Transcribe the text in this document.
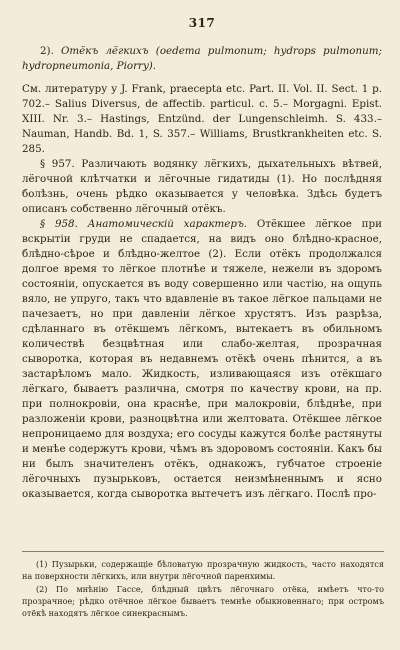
317

2). Отёкъ лёгкихъ (oedema pulmonum; hydrops pulmonum; hydropneumonia, Piorry).

См. литературу у J. Frank, praecepta etc. Part. II. Vol. II. Sect. 1 p. 702.– Salius Diversus, de affectib. particul. c. 5.– Morgagni. Epist. XIII. Nr. 3.– Hastings, Entzünd. der Lungenschleimh. S. 433.– Nauman, Handb. Bd. 1, S. 357.– Williams, Brustkrankheiten etc. S. 285.

§ 957. Различають водянку лёгкихъ, дыхательныхъ вѣтвей, лёгочной клѣтчатки и лёгочные гидатиды (1). Но послѣдняя болѣзнь, очень рѣдко оказывается у человѣка. Здѣсь будетъ описанъ собственно лёгочный отёкъ.

§ 958. Анатомическій характеръ. Отёкшее лёгкое при вскрытіи груди не спадается, на видъ оно блѣдно-красное, блѣдно-сѣрое и блѣдно-желтое (2). Если отёкъ продолжался долгое время то лёгкое плотнѣе и тяжеле, нежели въ здоромъ состояніи, опускается въ воду совершенно или частію, на ощупь вяло, не упруго, такъ что вдавленіе въ такое лёгкое пальцами не пачезаетъ, но при давленіи лёгкое хрустятъ. Изъ разрѣза, сдѣланнаго въ отёкшемъ лёгкомъ, вытекаетъ въ обильномъ количествѣ безцвѣтная или слабо-желтая, прозрачная сыворотка, которая въ недавнемъ отёкѣ очень пѣнится, а въ застарѣломъ мало. Жидкость, изливающаяся изъ отёкшаго лёгкаго, бываетъ различна, смотря по качеству крови, на пр. при полнокровіи, она краснѣе, при малокровіи, блѣднѣе, при разложеніи крови, разноцвѣтна или желтовата. Отёкшее лёгкое непроницаемо для воздуха; его сосуды кажутся болѣе растянуты и менѣе содержутъ крови, чѣмъ въ здоровомъ состояніи. Какъ бы ни былъ значителенъ отёкъ, однакожъ, губчатое строеніе лёгочныхъ пузырьковъ, остается неизмѣненнымъ и ясно оказывается, когда сыворотка вытечетъ изъ лёгкаго. Послѣ про-

(1) Пузырьки, содержащіе бѣловатую прозрачную жидкость, часто находятся на поверхности лёгкихъ, или внутри лёгочной паренхимы.

(2) По мнѣнію Гассе, блѣдный цвѣтъ лёгочнаго отёка, имѣетъ что-то прозрачное; рѣдко отёчное лёгкое бываетъ темнѣе обыкновеннаго; при остромъ отёкѣ находятъ лёгкое синекраснымъ.
